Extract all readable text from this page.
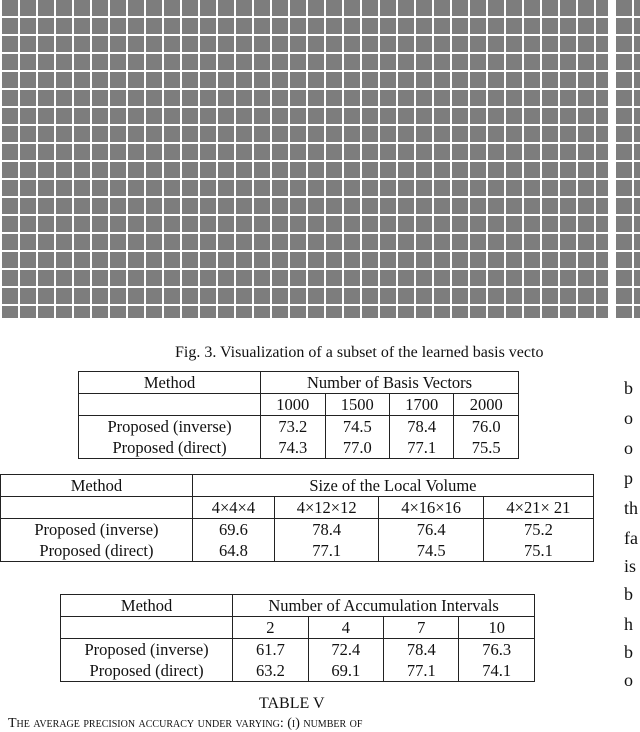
Fig. 3. Visualization of a subset of the learned basis vecto
Method	Number of Basis Vectors			
	1000	1500	1700	2000
Proposed (inverse)	73.2	74.5	78.4	76.0
Proposed (direct)	74.3	77.0	77.1	75.5
Method	Size of the Local Volume			
	4×4×4	4×12×12	4×16×16	4×21× 21
Proposed (inverse)	69.6	78.4	76.4	75.2
Proposed (direct)	64.8	77.1	74.5	75.1
Method	Number of Accumulation Intervals			
	2	4	7	10
Proposed (inverse)	61.7	72.4	78.4	76.3
Proposed (direct)	63.2	69.1	77.1	74.1
b
o
o
p
th
fa
is
b
h
b
o
TABLE V
The average precision accuracy under varying: (i) number of
